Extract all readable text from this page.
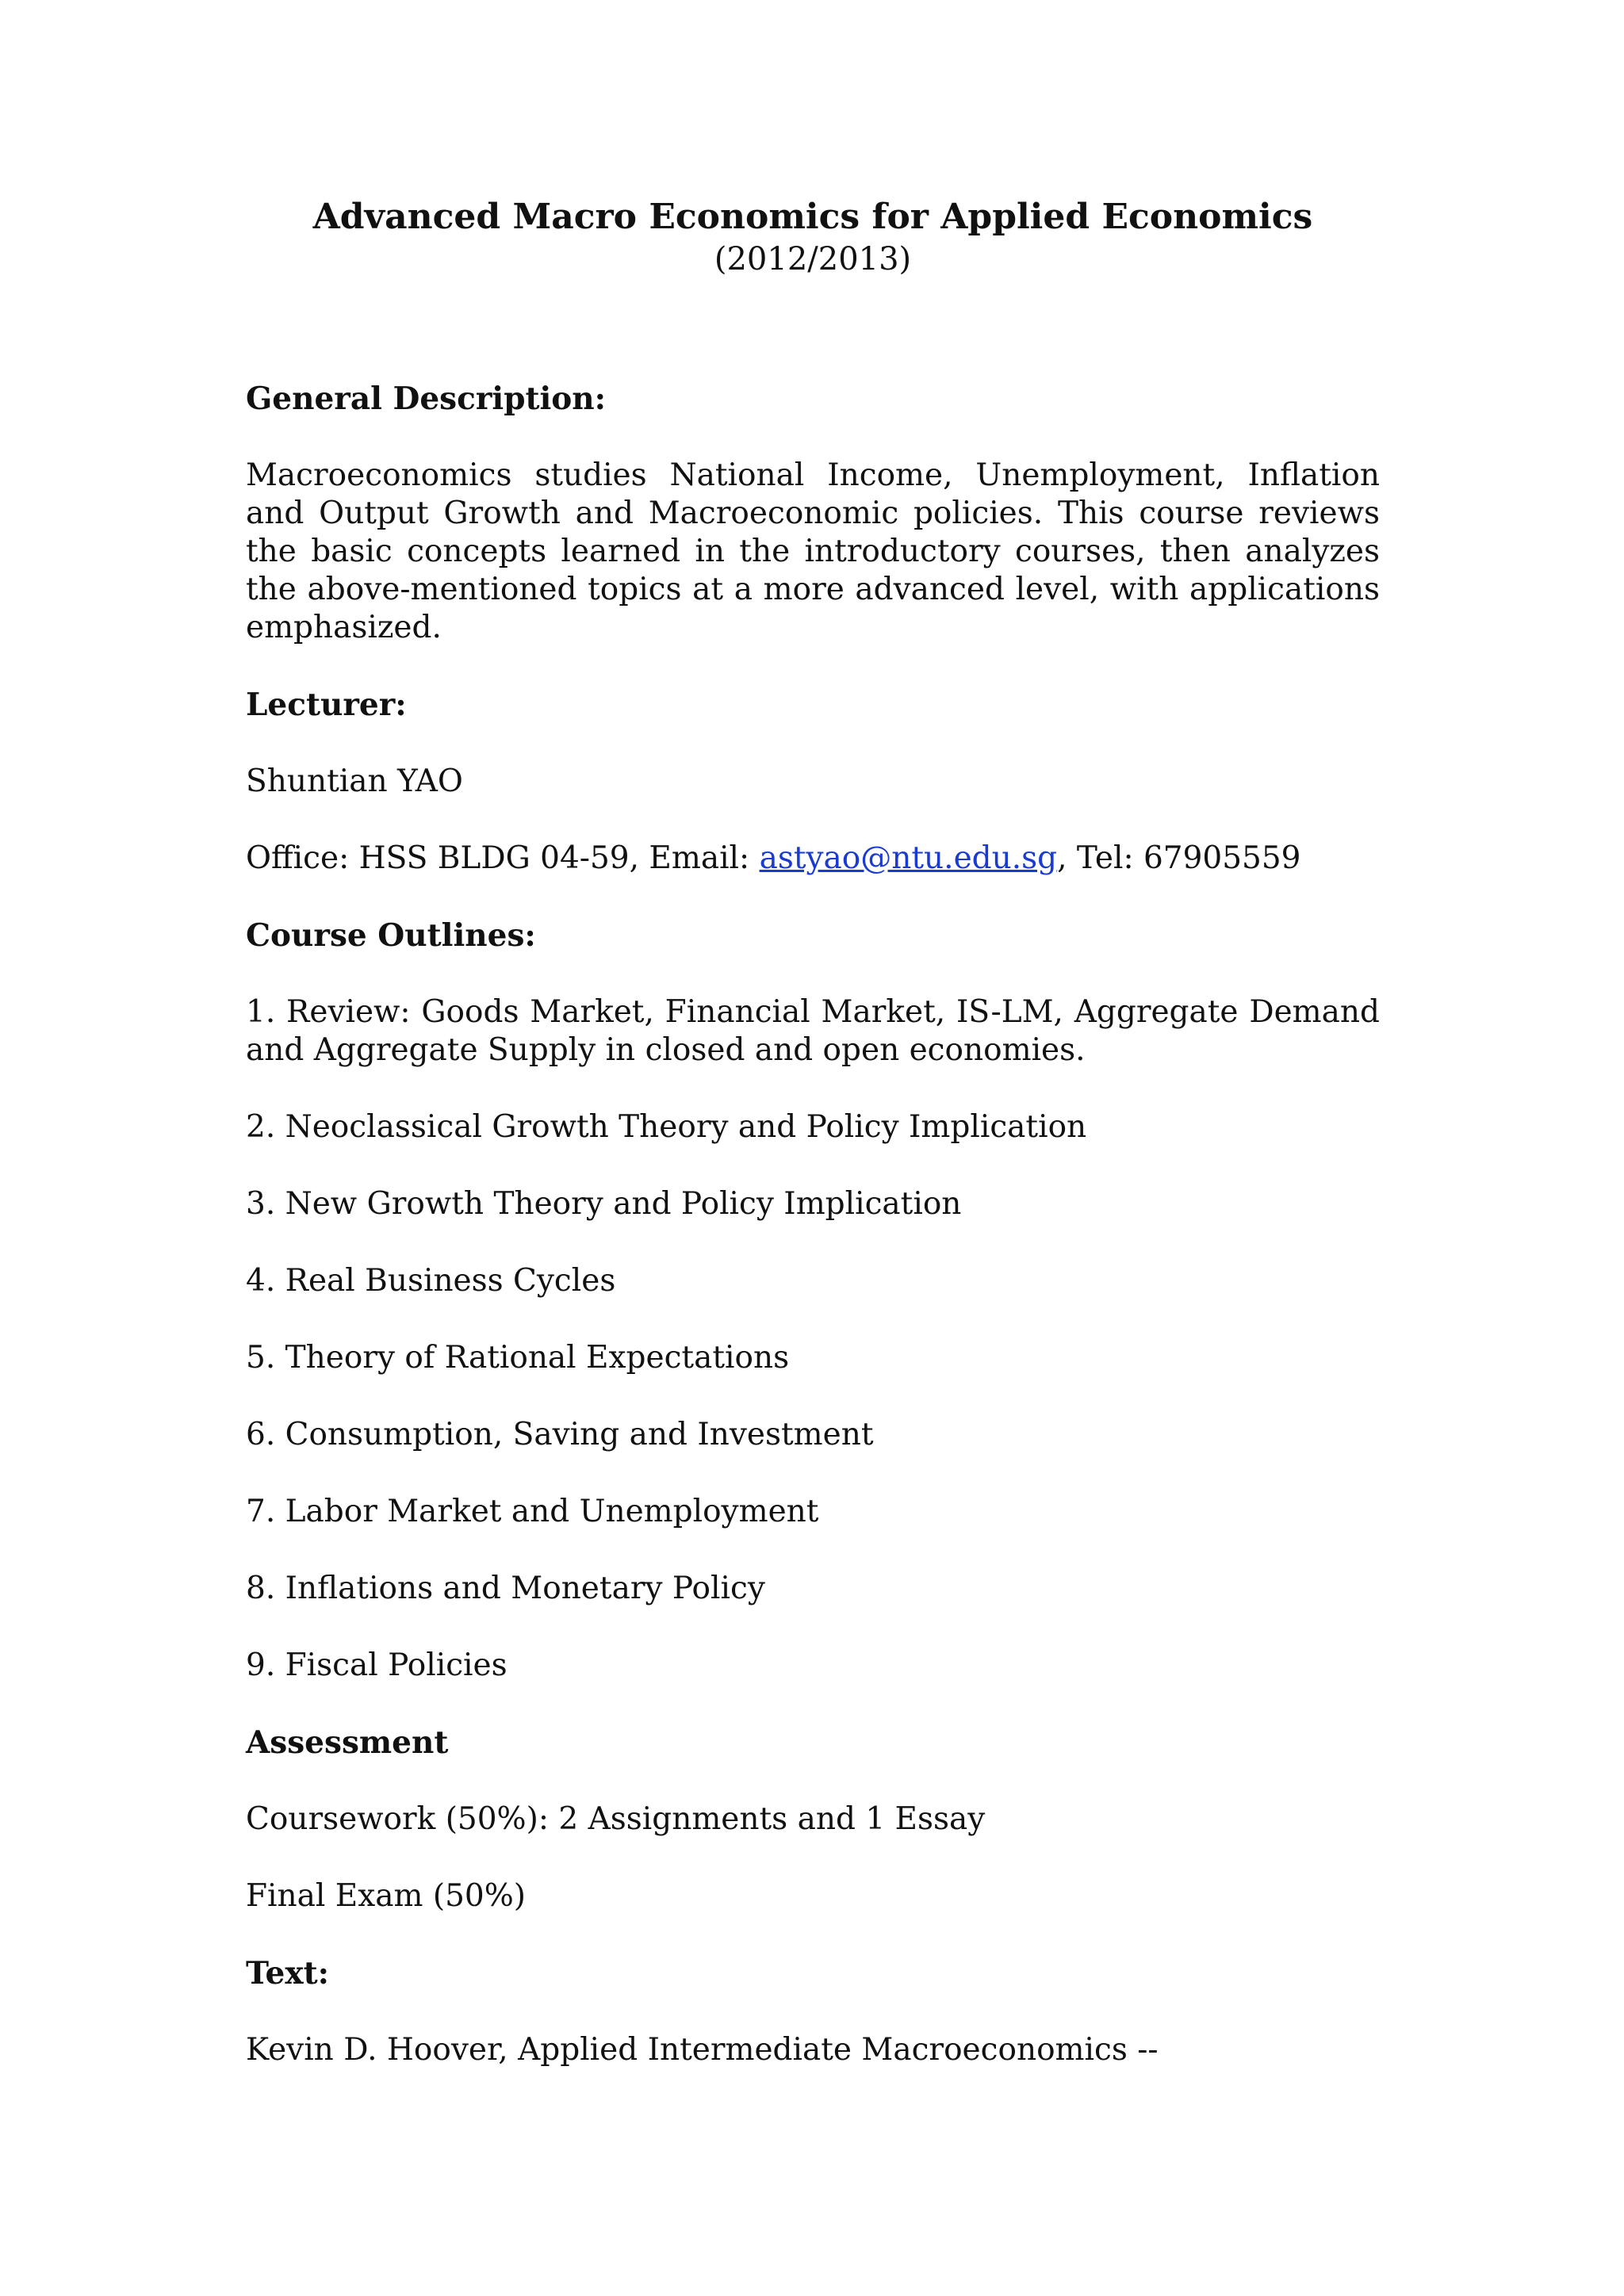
Advanced Macro Economics for Applied Economics

(2012/2013)

General Description:

Macroeconomics studies National Income, Unemployment, Inflation and Output Growth and Macroeconomic policies. This course reviews the basic concepts learned in the introductory courses, then analyzes the above-mentioned topics at a more advanced level, with applications emphasized.

Lecturer:

Shuntian YAO

Office: HSS BLDG 04-59, Email: astyao@ntu.edu.sg, Tel: 67905559

Course Outlines:

1. Review: Goods Market, Financial Market, IS-LM, Aggregate Demand and Aggregate Supply in closed and open economies.

2. Neoclassical Growth Theory and Policy Implication

3. New Growth Theory and Policy Implication

4. Real Business Cycles

5. Theory of Rational Expectations

6. Consumption, Saving and Investment

7. Labor Market and Unemployment

8. Inflations and Monetary Policy

9. Fiscal Policies

Assessment

Coursework (50%): 2 Assignments and 1 Essay

Final Exam (50%)

Text:

Kevin D. Hoover, Applied Intermediate Macroeconomics --
